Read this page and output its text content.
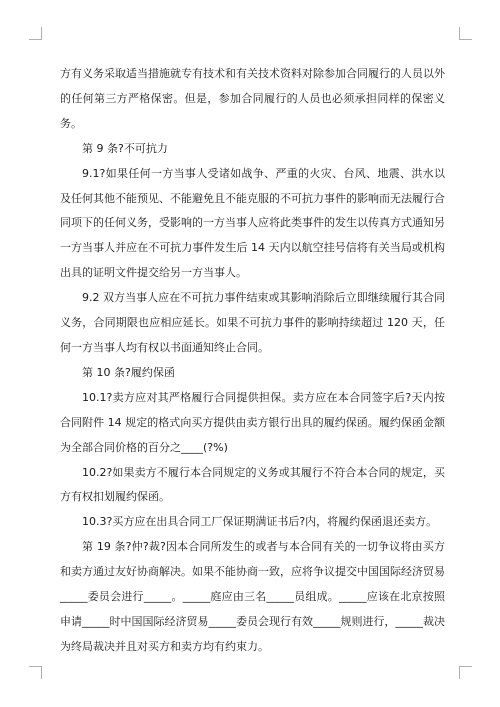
方有义务采取适当措施就专有技术和有关技术资料对除参加合同履行的人员以外的任何第三方严格保密。但是，参加合同履行的人员也必须承担同样的保密义务。

第 9 条?不可抗力

9.1?如果任何一方当事人受诸如战争、严重的火灾、台风、地震、洪水以及任何其他不能预见、不能避免且不能克服的不可抗力事件的影响而无法履行合同项下的任何义务，受影响的一方当事人应将此类事件的发生以传真方式通知另一方当事人并应在不可抗力事件发生后 14 天内以航空挂号信将有关当局或机构出具的证明文件提交给另一方当事人。

9.2 双方当事人应在不可抗力事件结束或其影响消除后立即继续履行其合同义务，合同期限也应相应延长。如果不可抗力事件的影响持续超过 120 天，任何一方当事人均有权以书面通知终止合同。

第 10 条?履约保函

10.1?卖方应对其严格履行合同提供担保。卖方应在本合同签字后?天内按合同附件 14 规定的格式向买方提供由卖方银行出具的履约保函。履约保函金额为全部合同价格的百分之____(?%)

10.2?如果卖方不履行本合同规定的义务或其履行不符合本合同的规定，买方有权扣划履约保函。

10.3?买方应在出具合同工厂保证期满证书后?内，将履约保函退还卖方。

第 19 条?仲?裁?因本合同所发生的或者与本合同有关的一切争议将由买方和卖方通过友好协商解决。如果不能协商一致，应将争议提交中国国际经济贸易_____委员会进行_____。_____庭应由三名_____员组成。_____应该在北京按照申请_____时中国国际经济贸易_____委员会现行有效_____规则进行，_____裁决为终局裁决并且对买方和卖方均有约束力。
